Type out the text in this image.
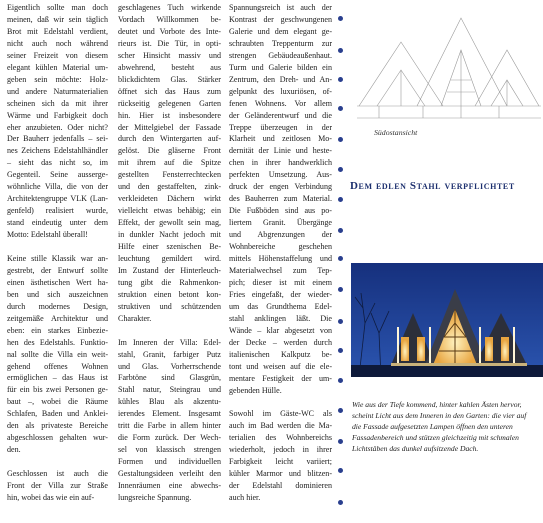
Eigentlich sollte man doch
meinen, daß wir sein täglich
Brot mit Edelstahl verdient,
nicht auch noch während
seiner Freizeit von diesem
elegant kühlen Material um-
geben sein möchte: Holz-
und andere Naturmaterialien
scheinen sich da mit ihrer
Wärme und Farbigkeit doch
eher anzubieten. Oder nicht?
Der Bauherr jedenfalls – sei-
nes Zeichens Edelstahlhändler
– sieht das nicht so, im
Gegenteil. Seine ausserge-
wöhnliche Villa, die von der
Architektengruppe VLK (Lan-
genfeld) realisiert wurde,
stand eindeutig unter dem
Motto: Edelstahl überall!

Keine stille Klassik war an-
gestrebt, der Entwurf sollte
einen ästhetischen Wert ha-
ben und sich auszeichnen
durch modernes Design,
zeitgemäße Architektur und
eben: ein starkes Einbezie-
hen des Edelstahls. Funktio-
nal sollte die Villa ein weit-
gehend offenes Wohnen
ermöglichen – das Haus ist
für ein bis zwei Personen ge-
baut –, wobei die Räume
Schlafen, Baden und Anklei-
den als privateste Bereiche
abgeschlossen gehalten wur-
den.

Geschlossen ist auch die
Front der Villa zur Straße
hin, wobei das wie ein auf-

geschlagenes Tuch wirkende
Vordach Willkommen be-
deutet und Vorbote des Inte-
rieurs ist. Die Tür, in opti-
scher Hinsicht massiv und
abwehrend, besteht aus
blickdichtem Glas. Stärker
öffnet sich das Haus zum
rückseitig gelegenen Garten
hin. Hier ist insbesondere
der Mittelgiebel der Fassade
durch den Wintergarten auf-
gelöst. Die gläserne Front
mit ihrem auf die Spitze
gestellten Fensterrechtecken
und den gestaffelten, zink-
verkleideten Dächern wirkt
vielleicht etwas behäbig; ein
Effekt, der gewollt sein mag,
in dunkler Nacht jedoch mit
Hilfe einer szenischen Be-
leuchtung gemildert wird.
Im Zustand der Hinterleuch-
tung gibt die Rahmenkon-
struktion einen betont kon-
struktiven und schützenden
Charakter.

Im Inneren der Villa: Edel-
stahl, Granit, farbiger Putz
und Glas. Vorherrschende
Farbtöne sind Glasgrün,
Stahl natur, Steingrau und
kühles Blau als akzentu-
ierendes Element. Insgesamt
tritt die Farbe in allem hinter
die Form zurück. Der Wech-
sel von klassisch strengen
Formen und individuellen
Gestaltungsideen verleiht den
Innenräumen eine abwechs-
lungsreiche Spannung.

Spannungsreich ist auch der
Kontrast der geschwungenen
Galerie und dem elegant ge-
schraubten Treppenturm zur
strengen Gebäudeaußenhaut.
Turm und Galerie bilden ein
Zentrum, den Dreh- und An-
gelpunkt des luxuriösen, of-
fenen Wohnens. Vor allem
der Geländerentwurf und die
Treppe überzeugen in der
Klarheit und zeitlosen Mo-
dernität der Linie und heste-
chen in ihrer handwerklich
perfekten Umsetzung. Aus-
druck der engen Verbindung
des Bauherren zum Material.
Die Fußböden sind aus po-
liertem Granit. Übergänge
und Abgrenzungen der
Wohnbereiche geschehen
mittels Höhenstaffelung und
Materialwechsel zum Tep-
pich; dieser ist mit einem
Fries eingefaßt, der wieder-
um das Grundthema Edel-
stahl anklingen läßt. Die
Wände – klar abgesetzt von
der Decke – werden durch
italienischen Kalkputz be-
tont und weisen auf die ele-
mentare Festigkeit der um-
gebenden Hülle.

Sowohl im Gäste-WC als
auch im Bad werden die Ma-
terialien des Wohnbereichs
wiederholt, jedoch in ihrer
Farbigkeit leicht variiert;
kühler Marmor und blitzen-
der Edelstahl dominieren
auch hier.

Südostansicht
Dem edlen Stahl verpflichtet
Wie aus der Tiefe kommend, hinter kahlen Ästen hervor,
scheint Licht aus dem Inneren in den Garten: die vier auf
die Fassade aufgesetzten Lampen öffnen den unteren
Fassadenbereich und stützen gleichzeitig mit schmalen
Lichtstäben das dunkel aufsitzende Dach.
